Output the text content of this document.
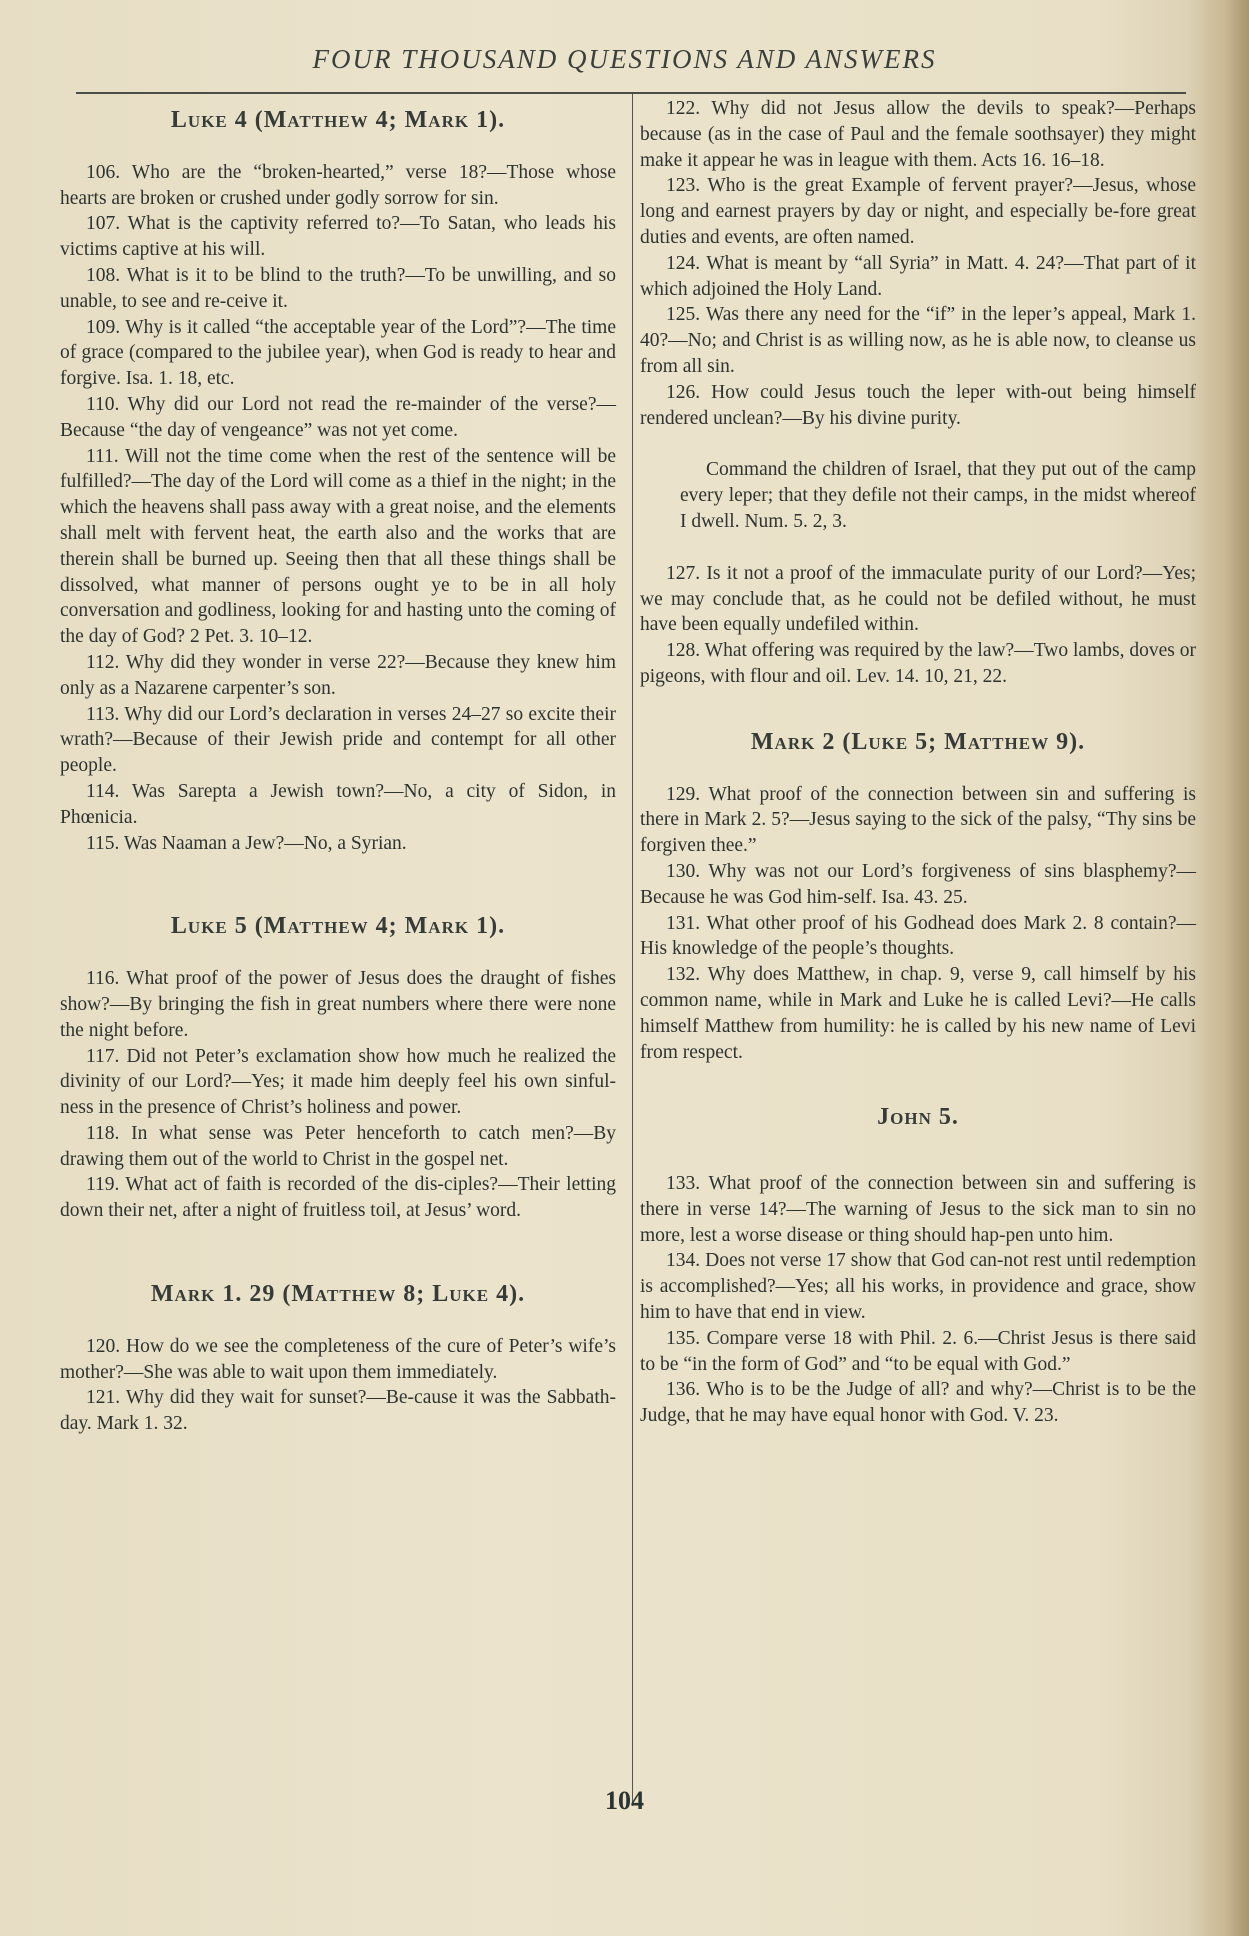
FOUR THOUSAND QUESTIONS AND ANSWERS
Luke 4 (Matthew 4; Mark 1).

106. Who are the “broken-hearted,” verse 18?—Those whose hearts are broken or crushed under godly sorrow for sin.

107. What is the captivity referred to?—To Satan, who leads his victims captive at his will.

108. What is it to be blind to the truth?—To be unwilling, and so unable, to see and re-ceive it.

109. Why is it called “the acceptable year of the Lord”?—The time of grace (compared to the jubilee year), when God is ready to hear and forgive. Isa. 1. 18, etc.

110. Why did our Lord not read the re-mainder of the verse?—Because “the day of vengeance” was not yet come.

111. Will not the time come when the rest of the sentence will be fulfilled?—The day of the Lord will come as a thief in the night; in the which the heavens shall pass away with a great noise, and the elements shall melt with fervent heat, the earth also and the works that are therein shall be burned up. Seeing then that all these things shall be dissolved, what manner of persons ought ye to be in all holy conversation and godliness, looking for and hasting unto the coming of the day of God? 2 Pet. 3. 10–12.

112. Why did they wonder in verse 22?—Because they knew him only as a Nazarene carpenter’s son.

113. Why did our Lord’s declaration in verses 24–27 so excite their wrath?—Because of their Jewish pride and contempt for all other people.

114. Was Sarepta a Jewish town?—No, a city of Sidon, in Phœnicia.

115. Was Naaman a Jew?—No, a Syrian.

Luke 5 (Matthew 4; Mark 1).

116. What proof of the power of Jesus does the draught of fishes show?—By bringing the fish in great numbers where there were none the night before.

117. Did not Peter’s exclamation show how much he realized the divinity of our Lord?—Yes; it made him deeply feel his own sinful-ness in the presence of Christ’s holiness and power.

118. In what sense was Peter henceforth to catch men?—By drawing them out of the world to Christ in the gospel net.

119. What act of faith is recorded of the dis-ciples?—Their letting down their net, after a night of fruitless toil, at Jesus’ word.

Mark 1. 29 (Matthew 8; Luke 4).

120. How do we see the completeness of the cure of Peter’s wife’s mother?—She was able to wait upon them immediately.

121. Why did they wait for sunset?—Be-cause it was the Sabbath-day. Mark 1. 32.

122. Why did not Jesus allow the devils to speak?—Perhaps because (as in the case of Paul and the female soothsayer) they might make it appear he was in league with them. Acts 16. 16–18.

123. Who is the great Example of fervent prayer?—Jesus, whose long and earnest prayers by day or night, and especially be-fore great duties and events, are often named.

124. What is meant by “all Syria” in Matt. 4. 24?—That part of it which adjoined the Holy Land.

125. Was there any need for the “if” in the leper’s appeal, Mark 1. 40?—No; and Christ is as willing now, as he is able now, to cleanse us from all sin.

126. How could Jesus touch the leper with-out being himself rendered unclean?—By his divine purity.

Command the children of Israel, that they put out of the camp every leper; that they defile not their camps, in the midst whereof I dwell. Num. 5. 2, 3.

127. Is it not a proof of the immaculate purity of our Lord?—Yes; we may conclude that, as he could not be defiled without, he must have been equally undefiled within.

128. What offering was required by the law?—Two lambs, doves or pigeons, with flour and oil. Lev. 14. 10, 21, 22.

Mark 2 (Luke 5; Matthew 9).

129. What proof of the connection between sin and suffering is there in Mark 2. 5?—Jesus saying to the sick of the palsy, “Thy sins be forgiven thee.”

130. Why was not our Lord’s forgiveness of sins blasphemy?—Because he was God him-self. Isa. 43. 25.

131. What other proof of his Godhead does Mark 2. 8 contain?—His knowledge of the people’s thoughts.

132. Why does Matthew, in chap. 9, verse 9, call himself by his common name, while in Mark and Luke he is called Levi?—He calls himself Matthew from humility: he is called by his new name of Levi from respect.

John 5.

133. What proof of the connection between sin and suffering is there in verse 14?—The warning of Jesus to the sick man to sin no more, lest a worse disease or thing should hap-pen unto him.

134. Does not verse 17 show that God can-not rest until redemption is accomplished?—Yes; all his works, in providence and grace, show him to have that end in view.

135. Compare verse 18 with Phil. 2. 6.—Christ Jesus is there said to be “in the form of God” and “to be equal with God.”

136. Who is to be the Judge of all? and why?—Christ is to be the Judge, that he may have equal honor with God. V. 23.

104
